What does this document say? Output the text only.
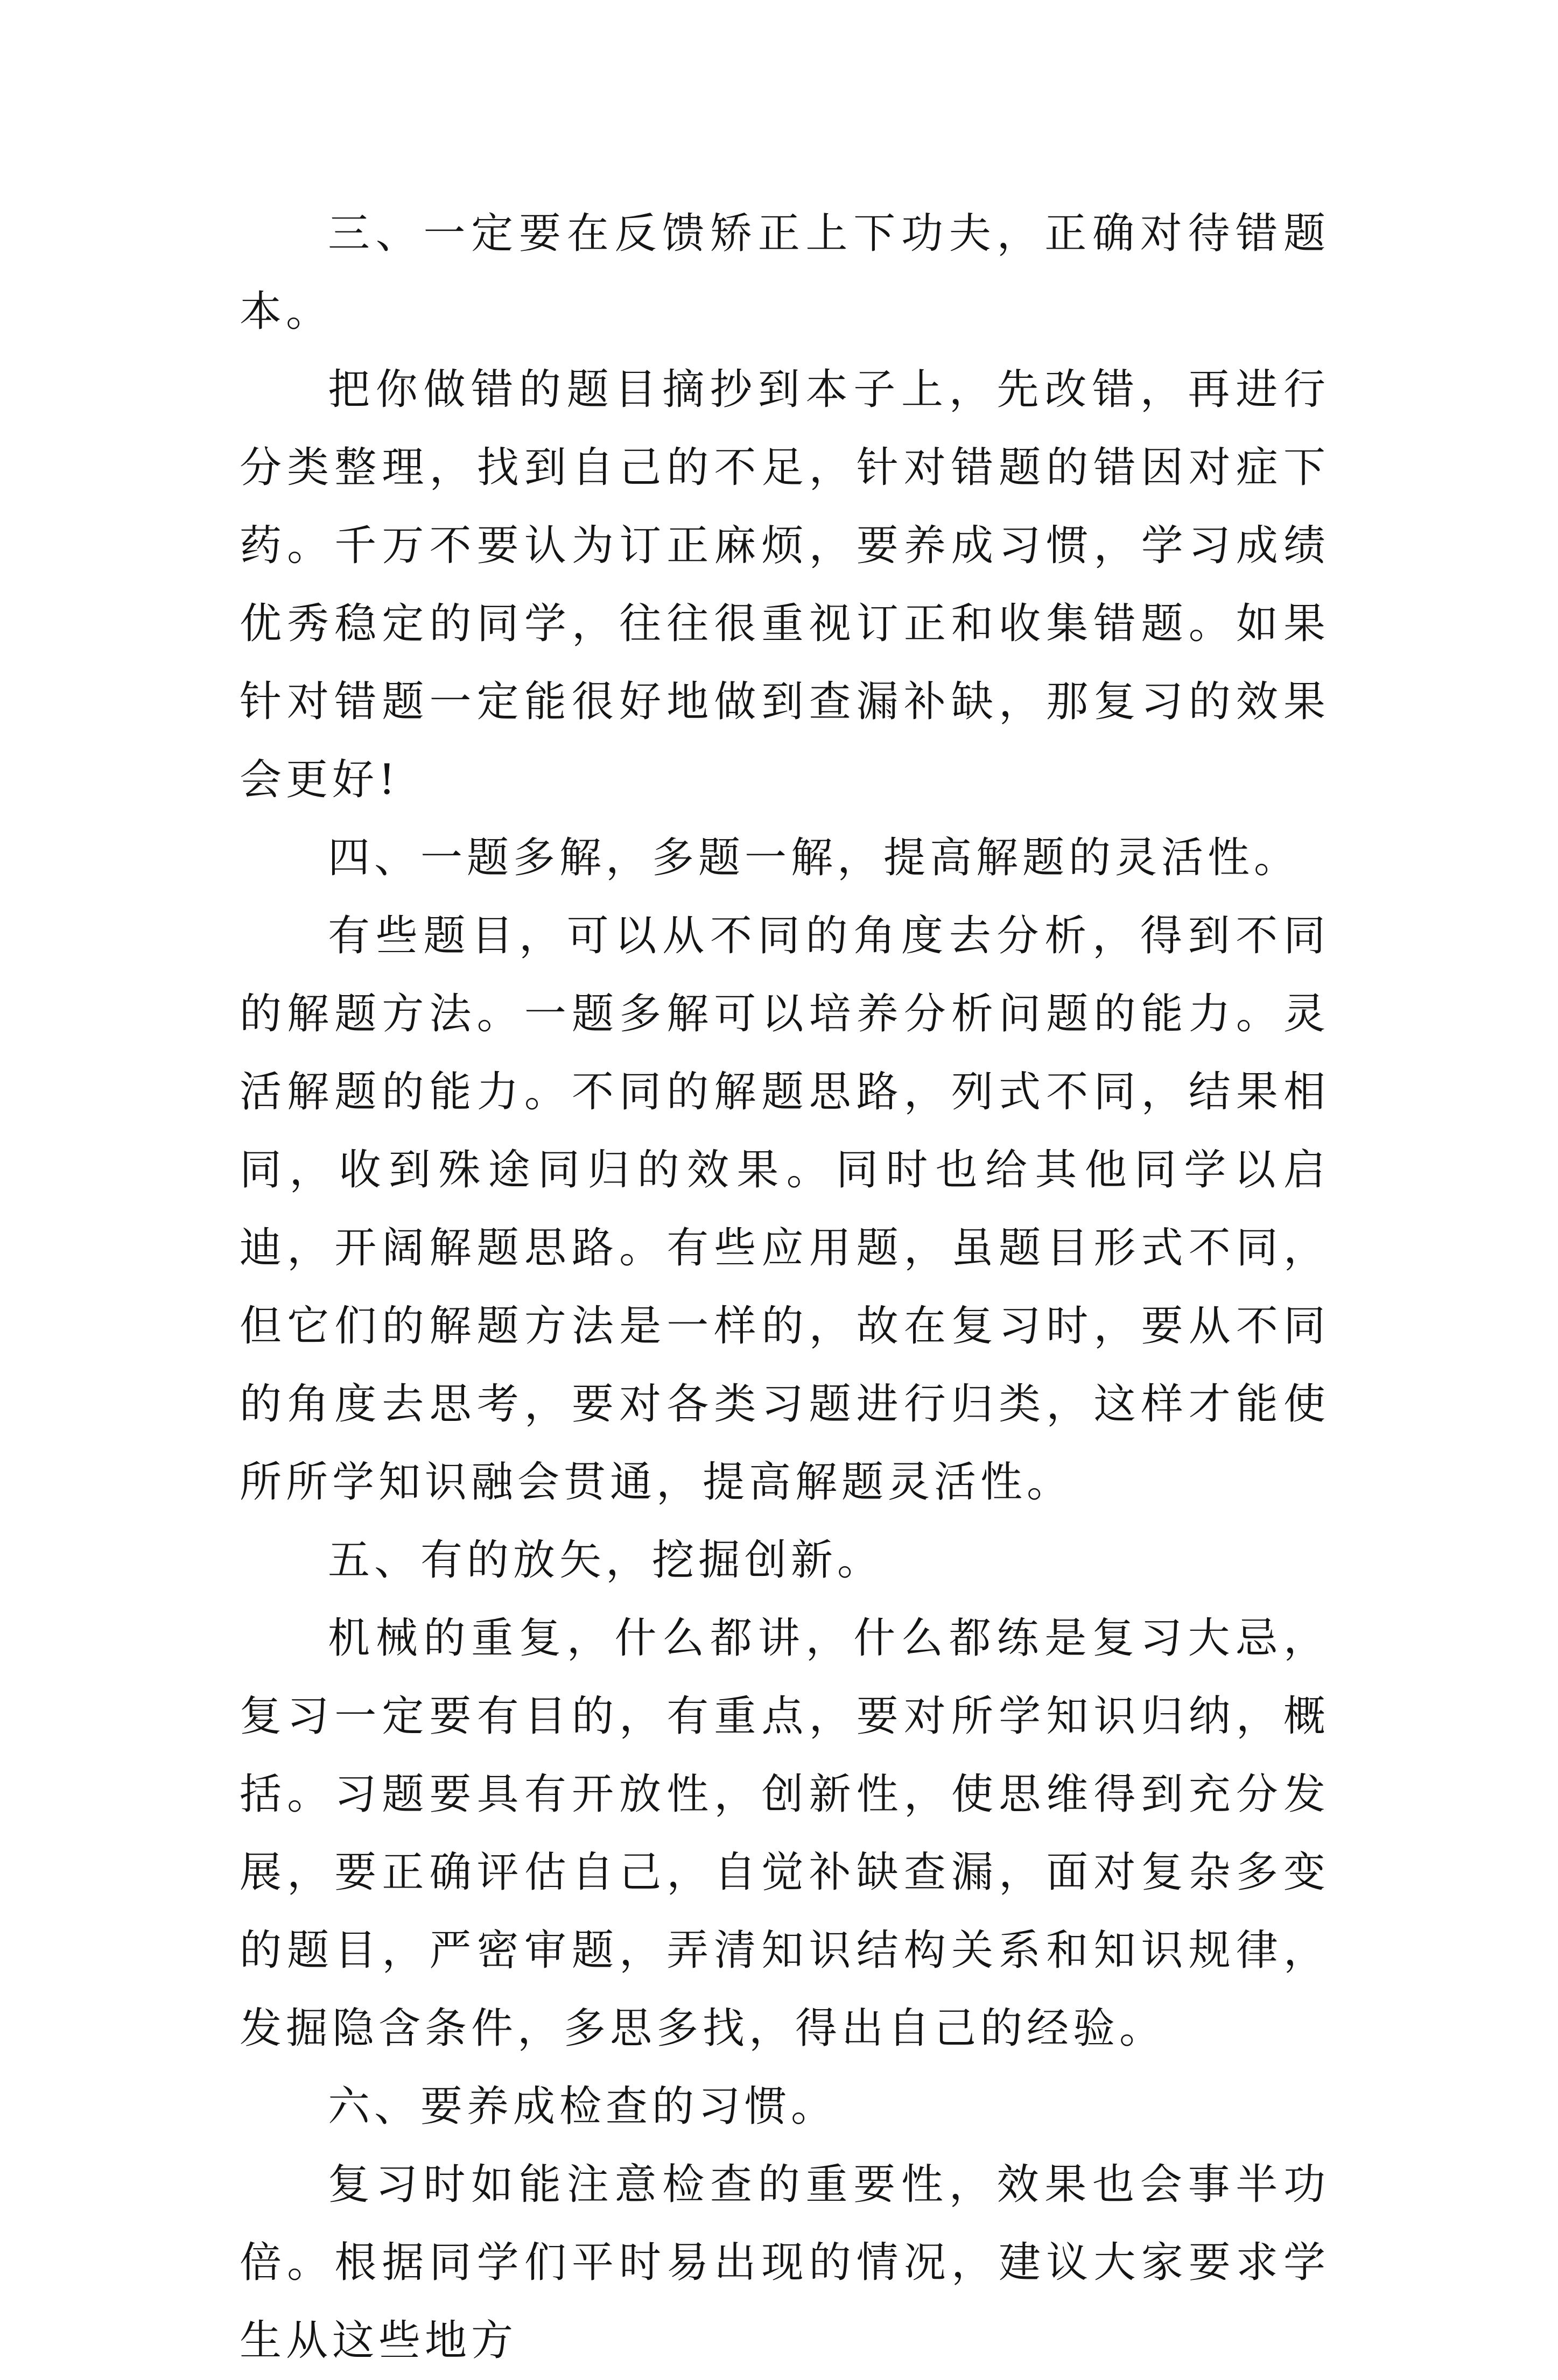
三、一定要在反馈矫正上下功夫，正确对待错题本。

把你做错的题目摘抄到本子上，先改错，再进行分类整理，找到自己的不足，针对错题的错因对症下药。千万不要认为订正麻烦，要养成习惯，学习成绩优秀稳定的同学，往往很重视订正和收集错题。如果针对错题一定能很好地做到查漏补缺，那复习的效果会更好!

四、一题多解，多题一解，提高解题的灵活性。

有些题目，可以从不同的角度去分析，得到不同的解题方法。一题多解可以培养分析问题的能力。灵活解题的能力。不同的解题思路，列式不同，结果相同，收到殊途同归的效果。同时也给其他同学以启迪，开阔解题思路。有些应用题，虽题目形式不同，但它们的解题方法是一样的，故在复习时，要从不同的角度去思考，要对各类习题进行归类，这样才能使所所学知识融会贯通，提高解题灵活性。

五、有的放矢，挖掘创新。

机械的重复，什么都讲，什么都练是复习大忌，复习一定要有目的，有重点，要对所学知识归纳，概括。习题要具有开放性，创新性，使思维得到充分发展，要正确评估自己，自觉补缺查漏，面对复杂多变的题目，严密审题，弄清知识结构关系和知识规律，发掘隐含条件，多思多找，得出自己的经验。

六、要养成检查的习惯。

复习时如能注意检查的重要性，效果也会事半功倍。根据同学们平时易出现的情况，建议大家要求学生从这些地方
